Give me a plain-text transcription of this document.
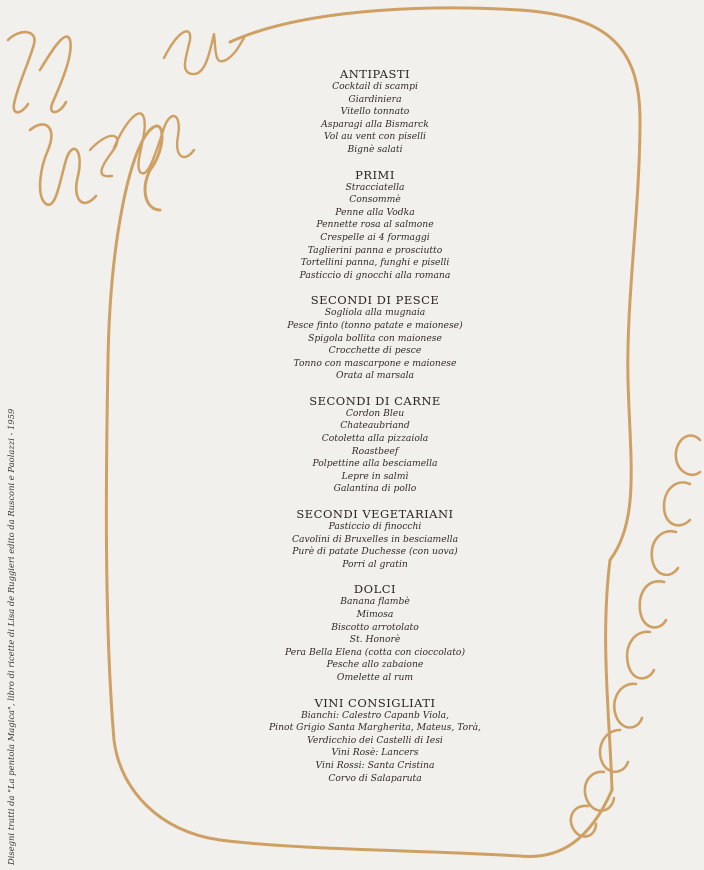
ANTIPASTI
Cocktail di scampi
Giardiniera
Vitello tonnato
Asparagi alla Bismarck
Vol au vent con piselli
Bignè salati
PRIMI
Stracciatella
Consommè
Penne alla Vodka
Pennette rosa al salmone
Crespelle ai 4 formaggi
Taglierini panna e prosciutto
Tortellini panna, funghi e piselli
Pasticcio di gnocchi alla romana
SECONDI DI PESCE
Sogliola alla mugnaia
Pesce finto (tonno patate e maionese)
Spigola bollita con maionese
Crocchette di pesce
Tonno con mascarpone e maionese
Orata al marsala
SECONDI DI CARNE
Cordon Bleu
Chateaubriand
Cotoletta alla pizzaiola
Roastbeef
Polpettine alla besciamella
Lepre in salmì
Galantina di pollo
SECONDI VEGETARIANI
Pasticcio di finocchi
Cavolini di Bruxelles in besciamella
Purè di patate Duchesse (con uova)
Porri al gratin
DOLCI
Banana flambè
Mimosa
Biscotto arrotolato
St. Honorè
Pera Bella Elena (cotta con cioccolato)
Pesche allo zabaione
Omelette al rum
VINI CONSIGLIATI
Bianchi: Calestro Capanb Viola,
Pinot Grigio Santa Margherita, Mateus, Torà,
Verdicchio dei Castelli di Iesi
Vini Rosè: Lancers
Vini Rossi: Santa Cristina
Corvo di Salaparuta
Disegni tratti da "La pentola Magica", libro di ricette di Lisa de Ruggieri edito da Rusconi e Paolazzi - 1959
